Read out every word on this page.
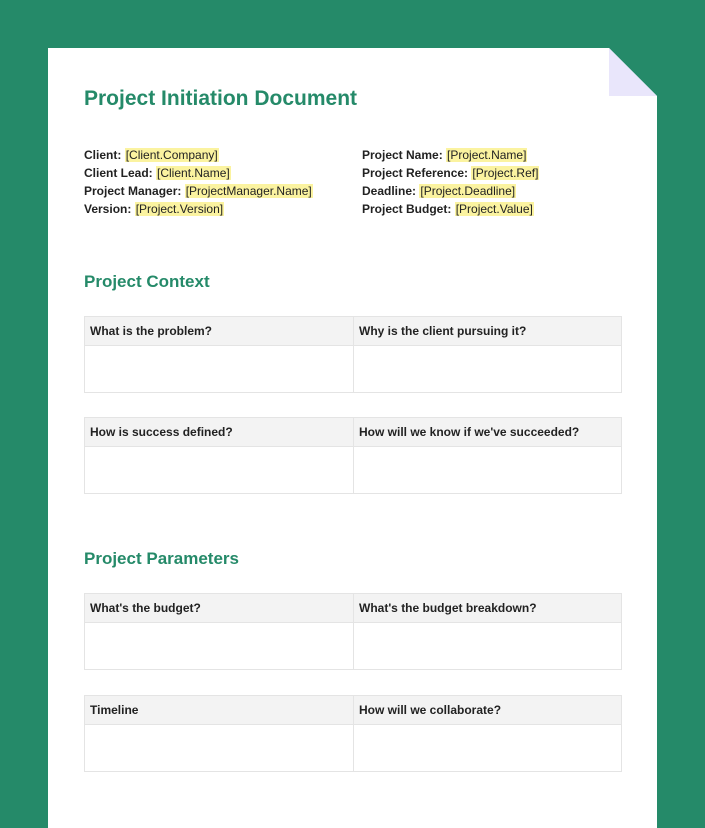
Project Initiation Document
Client: [Client.Company]
Client Lead: [Client.Name]
Project Manager: [ProjectManager.Name]
Version: [Project.Version]
Project Name: [Project.Name]
Project Reference: [Project.Ref]
Deadline: [Project.Deadline]
Project Budget: [Project.Value]
Project Context
What is the problem?	Why is the client pursuing it?
How is success defined?	How will we know if we've succeeded?
Project Parameters
What's the budget?	What's the budget breakdown?
Timeline	How will we collaborate?
